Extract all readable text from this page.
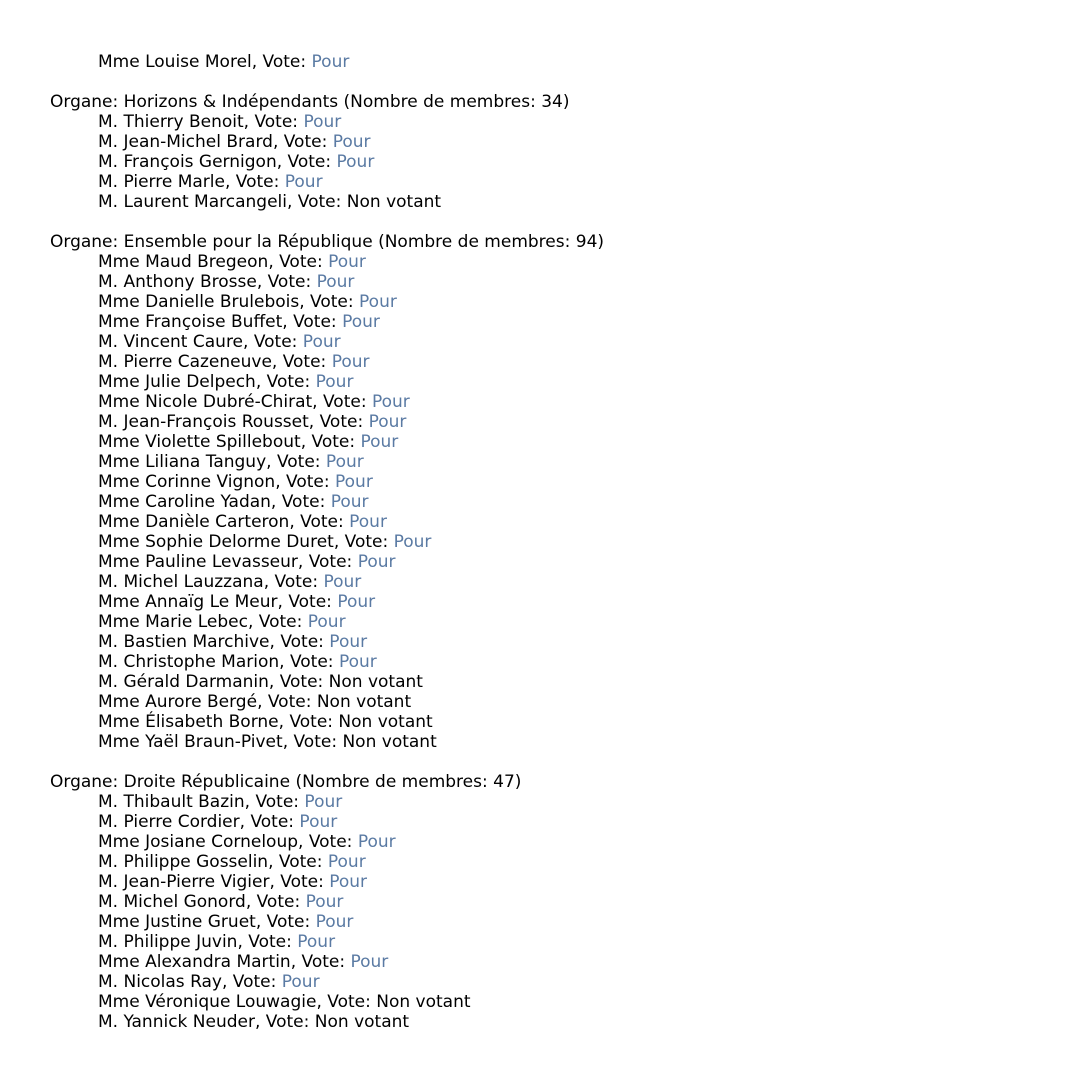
Mme Louise Morel, Vote: Pour
Organe: Horizons & Indépendants (Nombre de membres: 34)
M. Thierry Benoit, Vote: Pour
M. Jean-Michel Brard, Vote: Pour
M. François Gernigon, Vote: Pour
M. Pierre Marle, Vote: Pour
M. Laurent Marcangeli, Vote: Non votant
Organe: Ensemble pour la République (Nombre de membres: 94)
Mme Maud Bregeon, Vote: Pour
M. Anthony Brosse, Vote: Pour
Mme Danielle Brulebois, Vote: Pour
Mme Françoise Buffet, Vote: Pour
M. Vincent Caure, Vote: Pour
M. Pierre Cazeneuve, Vote: Pour
Mme Julie Delpech, Vote: Pour
Mme Nicole Dubré-Chirat, Vote: Pour
M. Jean-François Rousset, Vote: Pour
Mme Violette Spillebout, Vote: Pour
Mme Liliana Tanguy, Vote: Pour
Mme Corinne Vignon, Vote: Pour
Mme Caroline Yadan, Vote: Pour
Mme Danièle Carteron, Vote: Pour
Mme Sophie Delorme Duret, Vote: Pour
Mme Pauline Levasseur, Vote: Pour
M. Michel Lauzzana, Vote: Pour
Mme Annaïg Le Meur, Vote: Pour
Mme Marie Lebec, Vote: Pour
M. Bastien Marchive, Vote: Pour
M. Christophe Marion, Vote: Pour
M. Gérald Darmanin, Vote: Non votant
Mme Aurore Bergé, Vote: Non votant
Mme Élisabeth Borne, Vote: Non votant
Mme Yaël Braun-Pivet, Vote: Non votant
Organe: Droite Républicaine (Nombre de membres: 47)
M. Thibault Bazin, Vote: Pour
M. Pierre Cordier, Vote: Pour
Mme Josiane Corneloup, Vote: Pour
M. Philippe Gosselin, Vote: Pour
M. Jean-Pierre Vigier, Vote: Pour
M. Michel Gonord, Vote: Pour
Mme Justine Gruet, Vote: Pour
M. Philippe Juvin, Vote: Pour
Mme Alexandra Martin, Vote: Pour
M. Nicolas Ray, Vote: Pour
Mme Véronique Louwagie, Vote: Non votant
M. Yannick Neuder, Vote: Non votant
